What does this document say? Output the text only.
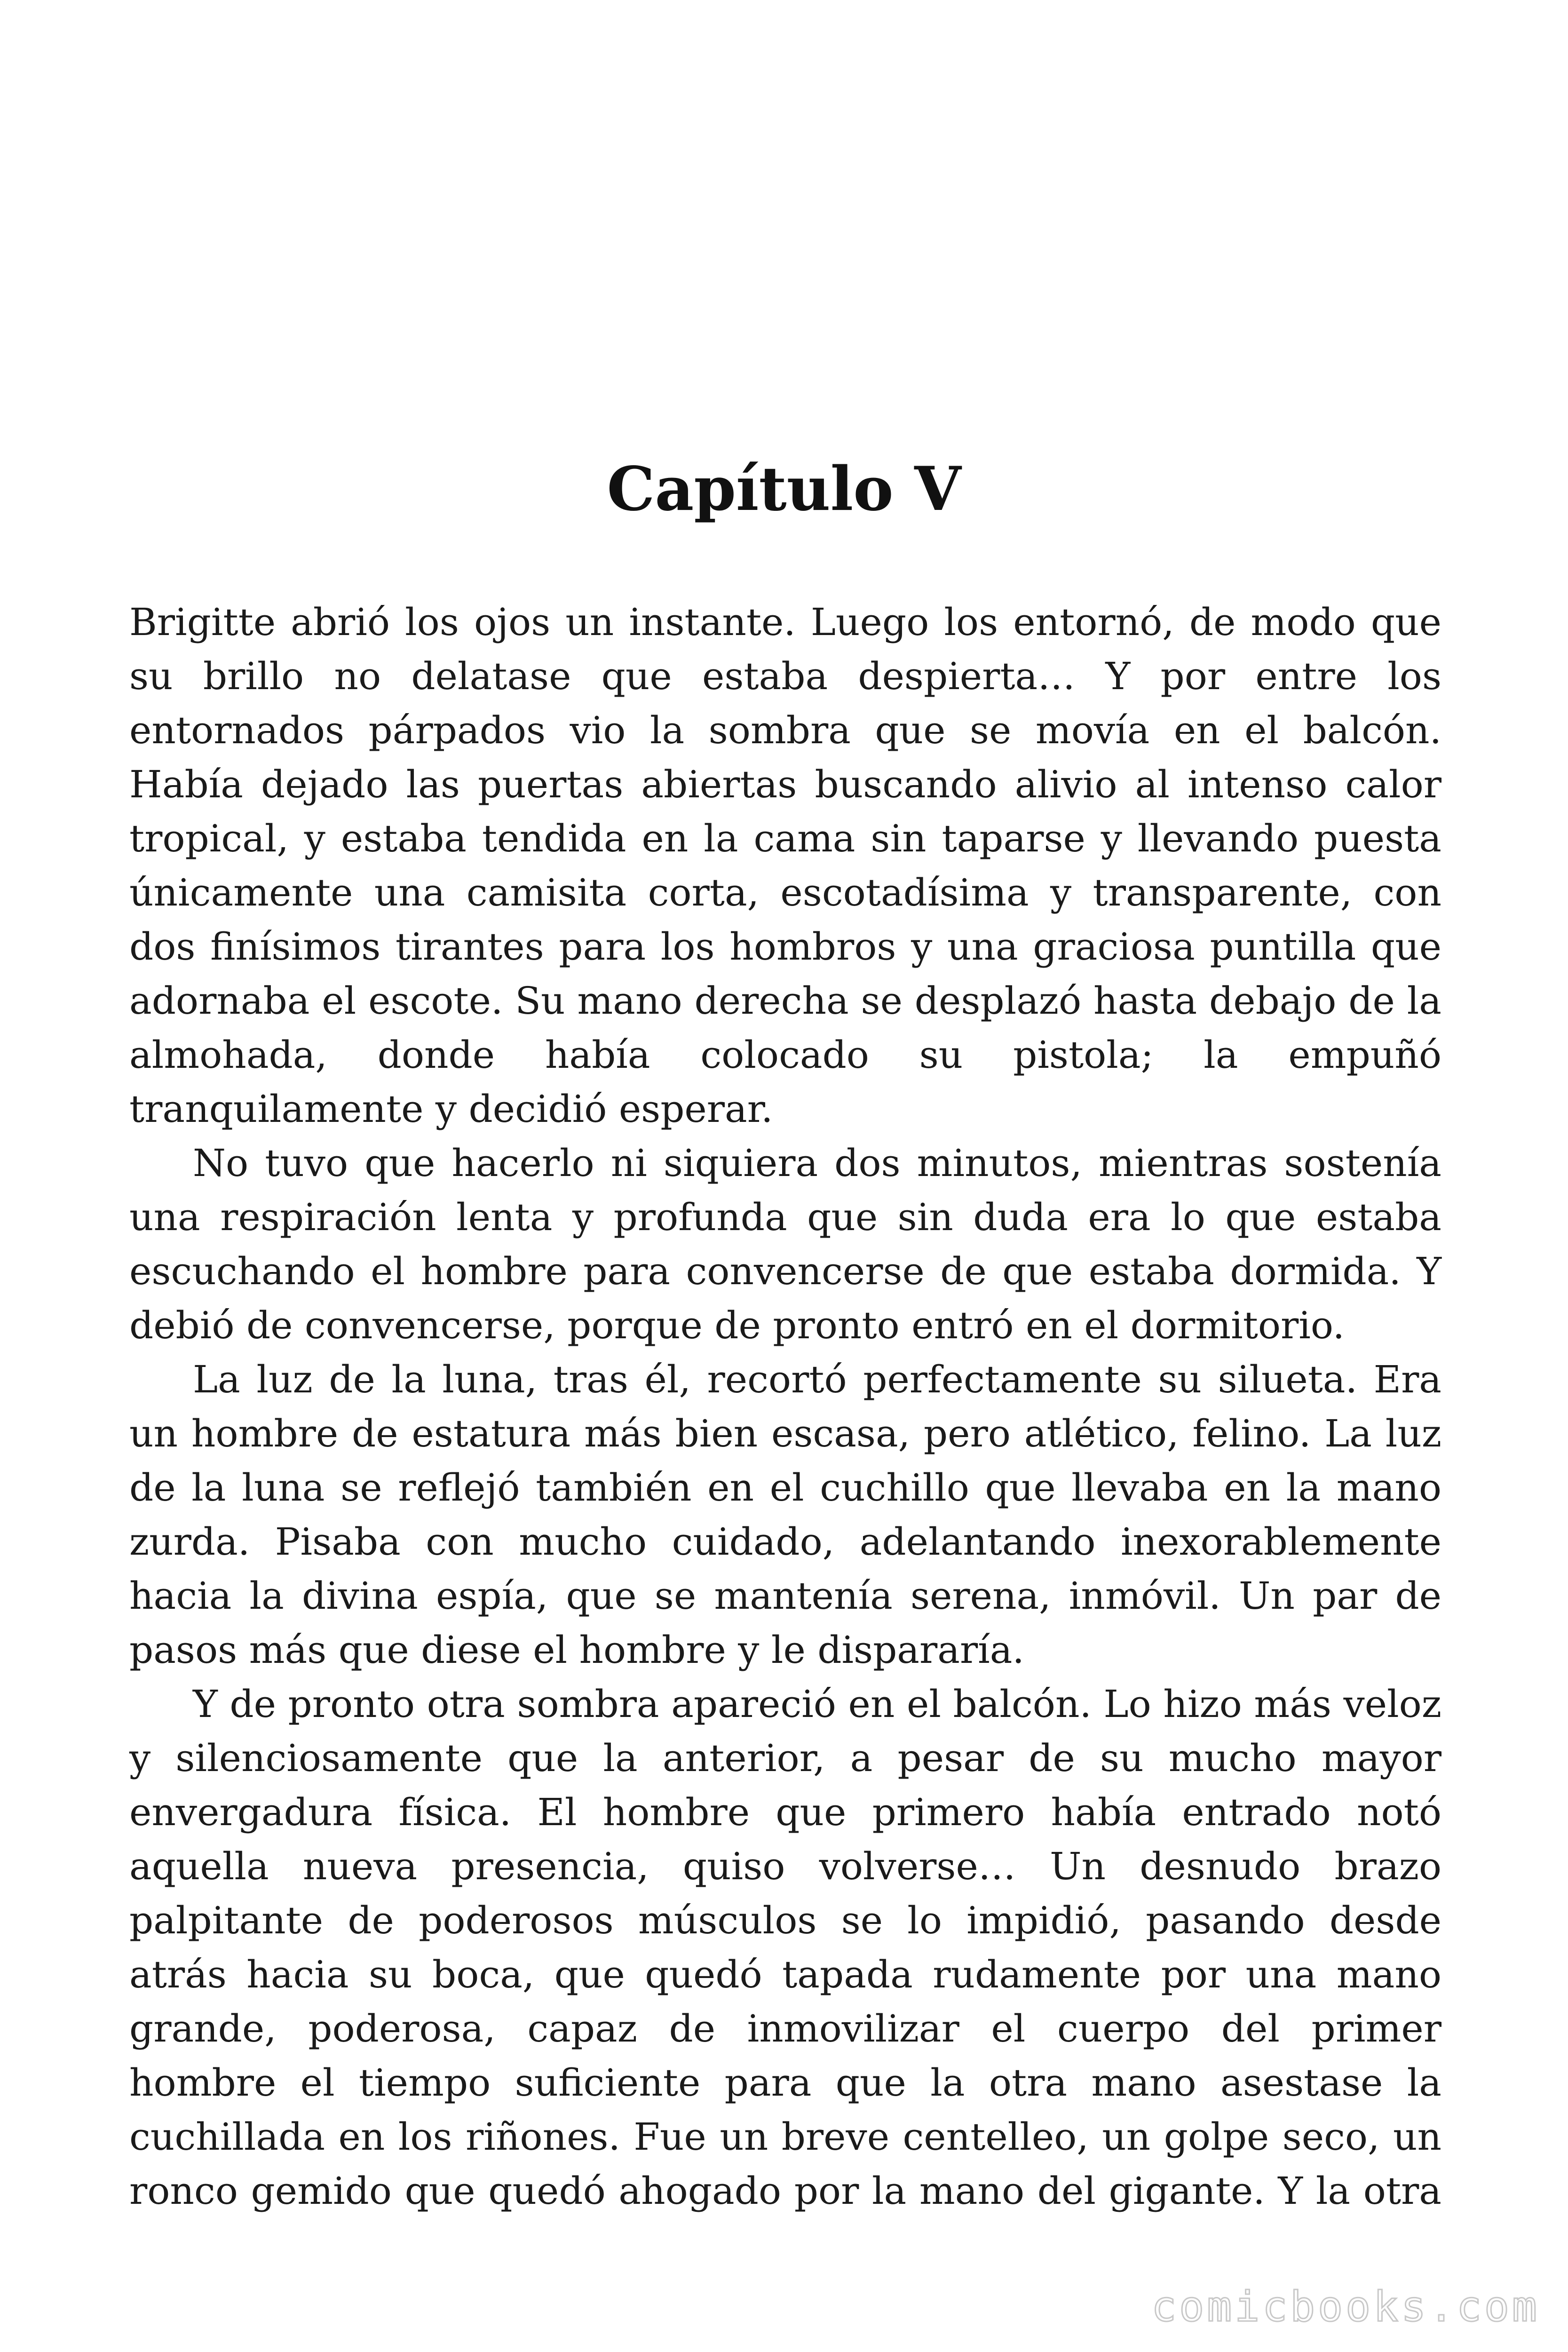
Capítulo V

Brigitte abrió los ojos un instante. Luego los entornó, de modo que su brillo no delatase que estaba despierta… Y por entre los entornados párpados vio la sombra que se movía en el balcón. Había dejado las puertas abiertas buscando alivio al intenso calor tropical, y estaba tendida en la cama sin taparse y llevando puesta únicamente una camisita corta, escotadísima y transparente, con dos finísimos tirantes para los hombros y una graciosa puntilla que adornaba el escote. Su mano derecha se desplazó hasta debajo de la almohada, donde había colocado su pistola; la empuñó tranquilamente y decidió esperar.

No tuvo que hacerlo ni siquiera dos minutos, mientras sostenía una respiración lenta y profunda que sin duda era lo que estaba escuchando el hombre para convencerse de que estaba dormida. Y debió de convencerse, porque de pronto entró en el dormitorio.

La luz de la luna, tras él, recortó perfectamente su silueta. Era un hombre de estatura más bien escasa, pero atlético, felino. La luz de la luna se reflejó también en el cuchillo que llevaba en la mano zurda. Pisaba con mucho cuidado, adelantando inexorablemente hacia la divina espía, que se mantenía serena, inmóvil. Un par de pasos más que diese el hombre y le dispararía.

Y de pronto otra sombra apareció en el balcón. Lo hizo más veloz y silenciosamente que la anterior, a pesar de su mucho mayor envergadura física. El hombre que primero había entrado notó aquella nueva presencia, quiso volverse… Un desnudo brazo palpitante de poderosos músculos se lo impidió, pasando desde atrás hacia su boca, que quedó tapada rudamente por una mano grande, poderosa, capaz de inmovilizar el cuerpo del primer hombre el tiempo suficiente para que la otra mano asestase la cuchillada en los riñones. Fue un breve centelleo, un golpe seco, un ronco gemido que quedó ahogado por la mano del gigante. Y la otra

comicbooks.com
